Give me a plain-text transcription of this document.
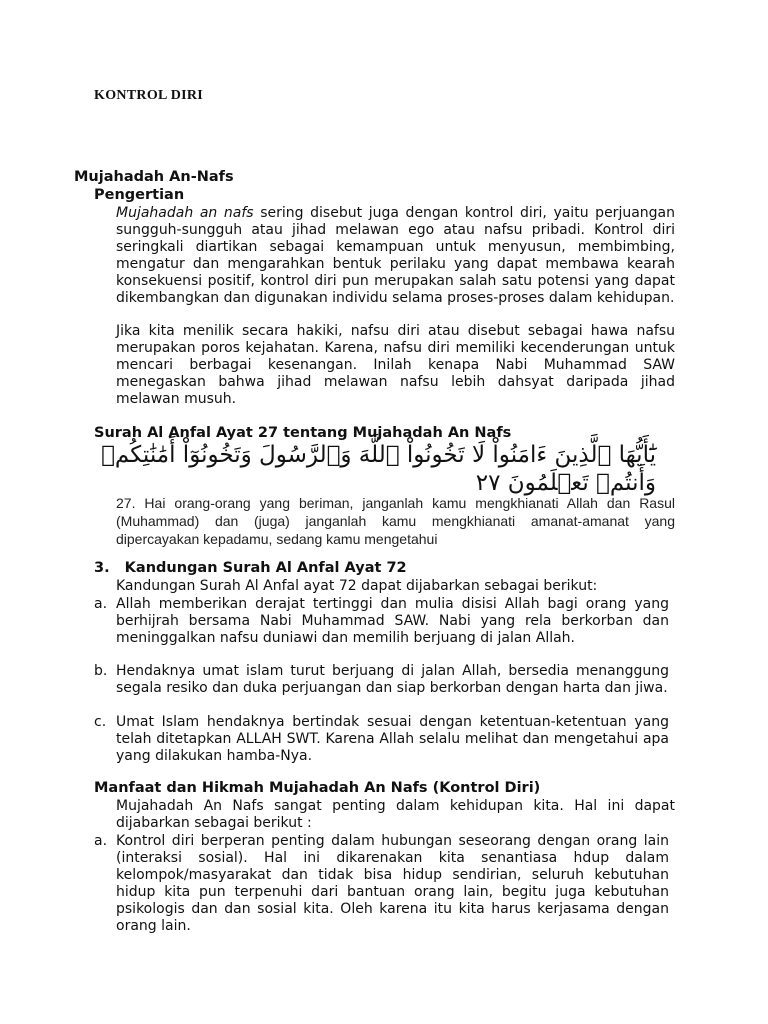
KONTROL DIRI
Mujahadah An-Nafs
Pengertian

Mujahadah an nafs sering disebut juga dengan kontrol diri, yaitu perjuangan sungguh-sungguh atau jihad melawan ego atau nafsu pribadi. Kontrol diri seringkali diartikan sebagai kemampuan untuk menyusun, membimbing, mengatur dan mengarahkan bentuk perilaku yang dapat membawa kearah konsekuensi positif, kontrol diri pun merupakan salah satu potensi yang dapat dikembangkan dan digunakan individu selama proses-proses dalam kehidupan.

Jika kita menilik secara hakiki, nafsu diri atau disebut sebagai hawa nafsu merupakan poros kejahatan. Karena, nafsu diri memiliki kecenderungan untuk mencari berbagai kesenangan. Inilah kenapa Nabi Muhammad SAW menegaskan bahwa jihad melawan nafsu lebih dahsyat daripada jihad melawan musuh.

Surah Al Anfal Ayat 27 tentang Mujahadah An Nafs
يَٰٓأَيُّهَا ٱلَّذِينَ ءَامَنُواْ لَا تَخُونُواْ ٱللَّهَ وَٱلرَّسُولَ وَتَخُونُوٓاْ أَمَٰنَٰتِكُمۡ
وَأَنتُمۡ تَعۡلَمُونَ ٢٧
27. Hai orang-orang yang beriman, janganlah kamu mengkhianati Allah dan Rasul (Muhammad) dan (juga) janganlah kamu mengkhianati amanat-amanat yang dipercayakan kepadamu, sedang kamu mengetahui
3. Kandungan Surah Al Anfal Ayat 72
Kandungan Surah Al Anfal ayat 72 dapat dijabarkan sebagai berikut:
a. Allah memberikan derajat tertinggi dan mulia disisi Allah bagi orang yang berhijrah bersama Nabi Muhammad SAW. Nabi yang rela berkorban dan meninggalkan nafsu duniawi dan memilih berjuang di jalan Allah.
b. Hendaknya umat islam turut berjuang di jalan Allah, bersedia menanggung segala resiko dan duka perjuangan dan siap berkorban dengan harta dan jiwa.
c. Umat Islam hendaknya bertindak sesuai dengan ketentuan-ketentuan yang telah ditetapkan ALLAH SWT. Karena Allah selalu melihat dan mengetahui apa yang dilakukan hamba-Nya.
Manfaat dan Hikmah Mujahadah An Nafs (Kontrol Diri)
Mujahadah An Nafs sangat penting dalam kehidupan kita. Hal ini dapat dijabarkan sebagai berikut :
a. Kontrol diri berperan penting dalam hubungan seseorang dengan orang lain (interaksi sosial). Hal ini dikarenakan kita senantiasa hdup dalam kelompok/masyarakat dan tidak bisa hidup sendirian, seluruh kebutuhan hidup kita pun terpenuhi dari bantuan orang lain, begitu juga kebutuhan psikologis dan dan sosial kita. Oleh karena itu kita harus kerjasama dengan orang lain.
